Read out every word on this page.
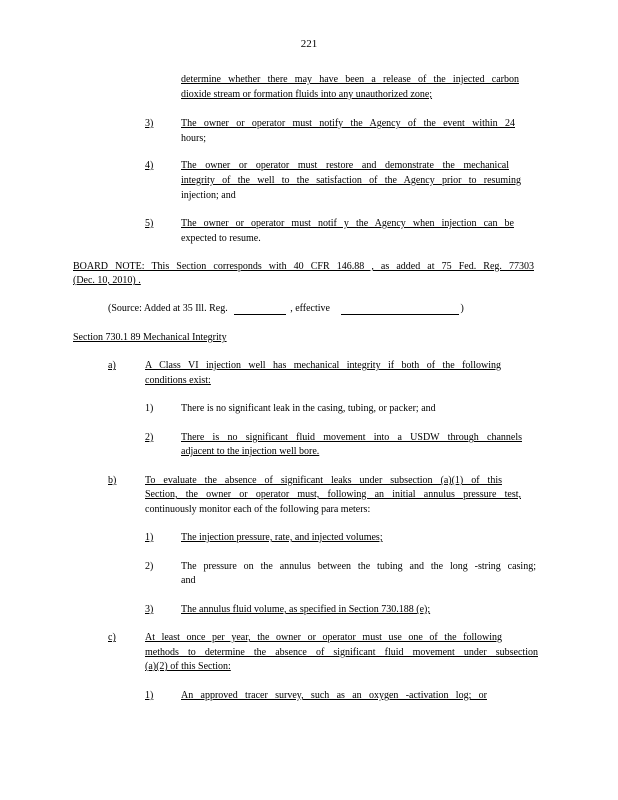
221
determine whether there may have been a release of the injected carbon
dioxide stream or formation fluids into any unauthorized zone;
3)	The owner or operator must notify the Agency of the event within 24
hours;
4)	The owner or operator must restore and demonstrate the mechanical
integrity of the well to the satisfaction of the Agency prior to resuming
injection; and
5)	The owner or operator must notif y the Agency when injection can be
expected to resume.
BOARD NOTE: This Section corresponds with 40 CFR 146.88 , as added at 75 Fed. Reg. 77303
(Dec. 10, 2010) .
(Source: Added at 35 Ill. Reg.	, effective	)
Section 730.1 89 Mechanical Integrity
a)	A Class VI injection well has mechanical integrity if both of the following
conditions exist:
1)	There is no significant leak in the casing, tubing, or packer; and
2)	There is no significant fluid movement into a USDW through channels
adjacent to the injection well bore.
b)	To evaluate the absence of significant leaks under subsection (a)(1) of this
Section, the owner or operator must, following an initial annulus pressure test,
continuously monitor each of the following para meters:
1)	The injection pressure, rate, and injected volumes;
2)	The pressure on the annulus between the tubing and the long -string casing;
and
3)	The annulus fluid volume, as specified in Section 730.188 (e);
c)	At least once per year, the owner or operator must use one of the following
methods to determine the absence of significant fluid movement under subsection
(a)(2) of this Section:
1)	An approved tracer survey, such as an oxygen -activation log; or
